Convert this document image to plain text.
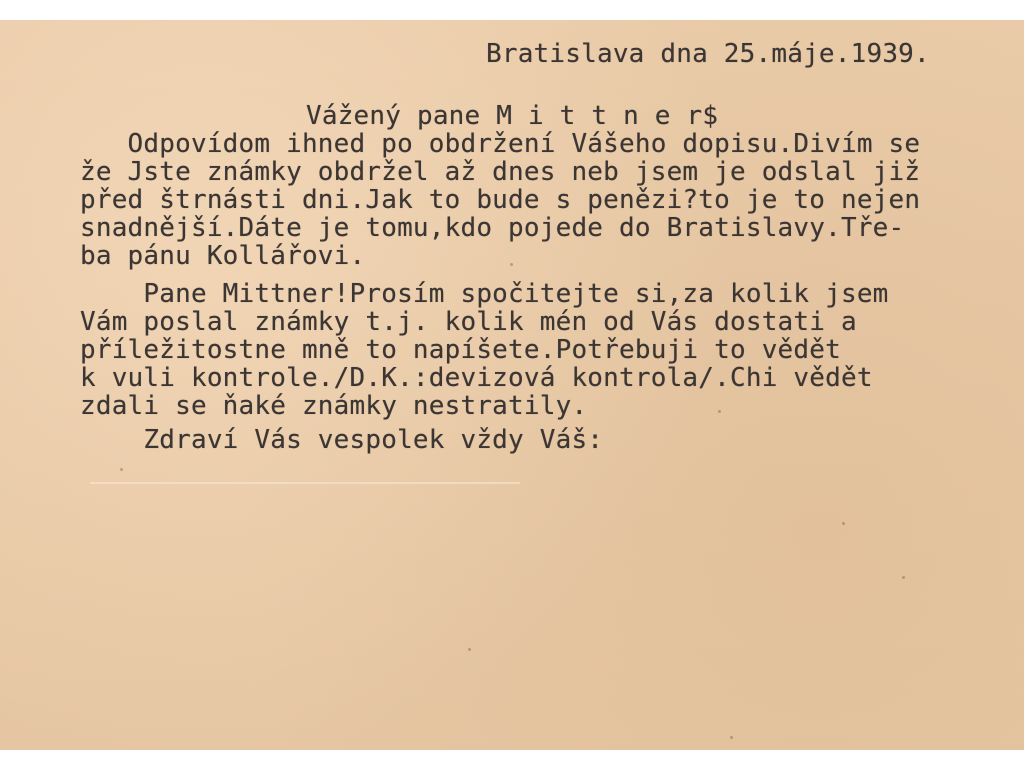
Bratislava dna 25.máje.1939.
Vážený pane M i t t n e r$
Odpovídom ihned po obdržení Vášeho dopisu.Divím se
že Jste známky obdržel až dnes neb jsem je odslal již
před štrnásti dni.Jak to bude s penězi?to je to nejen
snadnější.Dáte je tomu,kdo pojede do Bratislavy.Tře-
ba pánu Kollářovi.
Pane Mittner!Prosím spočitejte si,za kolik jsem
Vám poslal známky t.j. kolik mén od Vás dostati a
příležitostne mně to napíšete.Potřebuji to vědět
k vuli kontrole./D.K.:devizová kontrola/.Chi vědět
zdali se ňaké známky nestratily.
Zdraví Vás vespolek vždy Váš:
